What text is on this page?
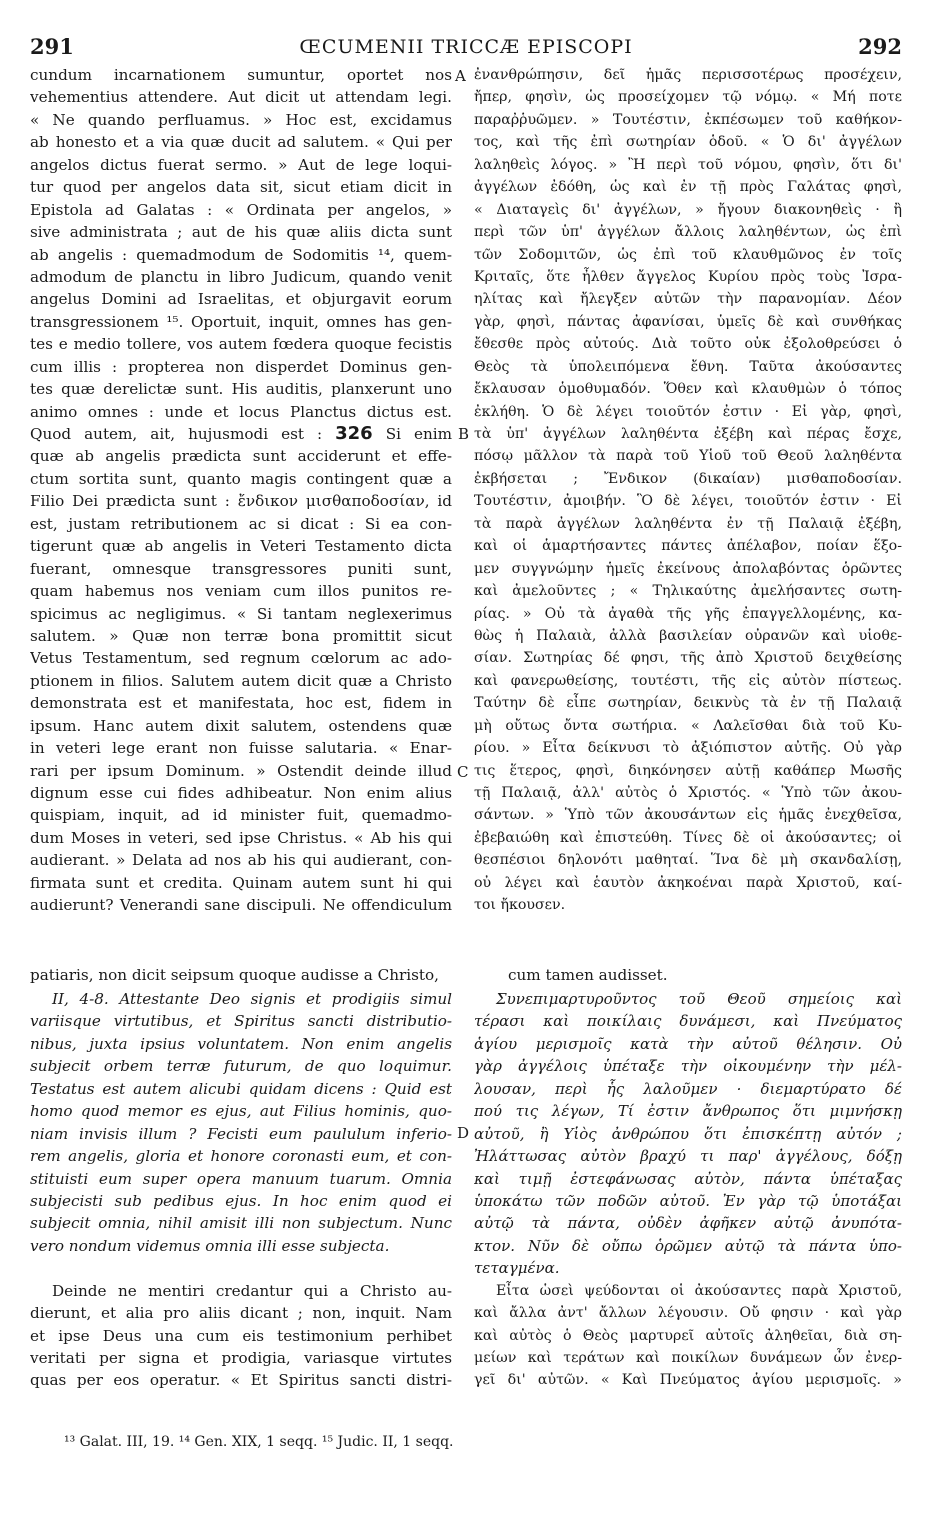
291	ŒCUMENII TRICCÆ EPISCOPI	292
cundum incarnationem sumuntur, oportet nos
vehementius attendere. Aut dicit ut attendam legi.
« Ne quando perfluamus. » Hoc est, excidamus
ab honesto et a via quæ ducit ad salutem. « Qui per
angelos dictus fuerat sermo. » Aut de lege loqui-
tur quod per angelos data sit, sicut etiam dicit in
Epistola ad Galatas : « Ordinata per angelos, »
sive administrata ; aut de his quæ aliis dicta sunt
ab angelis : quemadmodum de Sodomitis ¹⁴, quem-
admodum de planctu in libro Judicum, quando venit
angelus Domini ad Israelitas, et objurgavit eorum
transgressionem ¹⁵. Oportuit, inquit, omnes has gen-
tes e medio tollere, vos autem fœdera quoque fecistis
cum illis : propterea non disperdet Dominus gen-
tes quæ derelictæ sunt. His auditis, planxerunt uno
animo omnes : unde et locus Planctus dictus est.
Quod autem, ait, hujusmodi est : 326 Si enim
quæ ab angelis prædicta sunt acciderunt et effe-
ctum sortita sunt, quanto magis contingent quæ a
Filio Dei prædicta sunt : ἔνδικον μισθαποδοσίαν, id
est, justam retributionem ac si dicat : Si ea con-
tigerunt quæ ab angelis in Veteri Testamento dicta
fuerant, omnesque transgressores puniti sunt,
quam habemus nos veniam cum illos punitos re-
spicimus ac negligimus. « Si tantam neglexerimus
salutem. » Quæ non terræ bona promittit sicut
Vetus Testamentum, sed regnum cœlorum ac ado-
ptionem in filios. Salutem autem dicit quæ a Christo
demonstrata est et manifestata, hoc est, fidem in
ipsum. Hanc autem dixit salutem, ostendens quæ
in veteri lege erant non fuisse salutaria. « Enar-
rari per ipsum Dominum. » Ostendit deinde illud
dignum esse cui fides adhibeatur. Non enim alius
quispiam, inquit, ad id minister fuit, quemadmo-
dum Moses in veteri, sed ipse Christus. « Ab his qui
audierant. » Delata ad nos ab his qui audierant, con-
firmata sunt et credita. Quinam autem sunt hi qui
audierunt? Venerandi sane discipuli. Ne offendiculum
ἐνανθρώπησιν, δεῖ ἡμᾶς περισσοτέρως προσέχειν,
ἤπερ, φησὶν, ὡς προσείχομεν τῷ νόμῳ. « Μή ποτε
παραῤῥυῶμεν. » Τουτέστιν, ἐκπέσωμεν τοῦ καθήκον-
τος, καὶ τῆς ἐπὶ σωτηρίαν ὁδοῦ. « Ὁ δι' ἀγγέλων
λαληθεὶς λόγος. » Ἢ περὶ τοῦ νόμου, φησὶν, ὅτι δι'
ἀγγέλων ἐδόθη, ὡς καὶ ἐν τῇ πρὸς Γαλάτας φησὶ,
« Διαταγεὶς δι' ἀγγέλων, » ἤγουν διακονηθεὶς · ἢ
περὶ τῶν ὑπ' ἀγγέλων ἄλλοις λαληθέντων, ὡς ἐπὶ
τῶν Σοδομιτῶν, ὡς ἐπὶ τοῦ κλαυθμῶνος ἐν τοῖς
Κριταῖς, ὅτε ἦλθεν ἄγγελος Κυρίου πρὸς τοὺς Ἰσρα-
ηλίτας καὶ ἤλεγξεν αὐτῶν τὴν παρανομίαν. Δέον
γὰρ, φησὶ, πάντας ἀφανίσαι, ὑμεῖς δὲ καὶ συνθήκας
ἔθεσθε πρὸς αὐτούς. Διὰ τοῦτο οὐκ ἐξολοθρεύσει ὁ
Θεὸς τὰ ὑπολειπόμενα ἔθνη. Ταῦτα ἀκούσαντες
ἔκλαυσαν ὁμοθυμαδόν. Ὅθεν καὶ κλαυθμὼν ὁ τόπος
ἐκλήθη. Ὁ δὲ λέγει τοιοῦτόν ἐστιν · Εἰ γὰρ, φησὶ,
τὰ ὑπ' ἀγγέλων λαληθέντα ἐξέβη καὶ πέρας ἔσχε,
πόσῳ μᾶλλον τὰ παρὰ τοῦ Υἱοῦ τοῦ Θεοῦ λαληθέντα
ἐκβήσεται ; Ἔνδικον (δικαίαν) μισθαποδοσίαν.
Τουτέστιν, ἀμοιβήν. Ὃ δὲ λέγει, τοιοῦτόν ἐστιν · Εἰ
τὰ παρὰ ἀγγέλων λαληθέντα ἐν τῇ Παλαιᾷ ἐξέβη,
καὶ οἱ ἁμαρτήσαντες πάντες ἀπέλαβον, ποίαν ἕξο-
μεν συγγνώμην ἡμεῖς ἐκείνους ἀπολαβόντας ὁρῶντες
καὶ ἀμελοῦντες ; « Τηλικαύτης ἀμελήσαντες σωτη-
ρίας. » Οὐ τὰ ἀγαθὰ τῆς γῆς ἐπαγγελλομένης, κα-
θὼς ἡ Παλαιὰ, ἀλλὰ βασιλείαν οὐρανῶν καὶ υἱοθε-
σίαν. Σωτηρίας δέ φησι, τῆς ἀπὸ Χριστοῦ δειχθείσης
καὶ φανερωθείσης, τουτέστι, τῆς εἰς αὐτὸν πίστεως.
Ταύτην δὲ εἶπε σωτηρίαν, δεικνὺς τὰ ἐν τῇ Παλαιᾷ
μὴ οὔτως ὄντα σωτήρια. « Λαλεῖσθαι διὰ τοῦ Κυ-
ρίου. » Εἶτα δείκνυσι τὸ ἀξιόπιστον αὐτῆς. Οὐ γὰρ
τις ἕτερος, φησὶ, διηκόνησεν αὐτῇ καθάπερ Μωσῆς
τῇ Παλαιᾷ, ἀλλ' αὐτὸς ὁ Χριστός. « Ὑπὸ τῶν ἀκου-
σάντων. » Ὑπὸ τῶν ἀκουσάντων εἰς ἡμᾶς ἐνεχθεῖσα,
ἐβεβαιώθη καὶ ἐπιστεύθη. Τίνες δὲ οἱ ἀκούσαντες; οἱ
θεσπέσιοι δηλονότι μαθηταί. Ἵνα δὲ μὴ σκανδαλίσῃ,
οὐ λέγει καὶ ἑαυτὸν ἀκηκοέναι παρὰ Χριστοῦ, καί-
τοι ἤκουσεν.
patiaris, non dicit seipsum quoque audisse a Christo,	cum tamen audisset.
II, 4-8. Attestante Deo signis et prodigiis simul
variisque virtutibus, et Spiritus sancti distributio-
nibus, juxta ipsius voluntatem. Non enim angelis
subjecit orbem terræ futurum, de quo loquimur.
Testatus est autem alicubi quidam dicens : Quid est
homo quod memor es ejus, aut Filius hominis, quo-
niam invisis illum ? Fecisti eum paululum inferio-
rem angelis, gloria et honore coronasti eum, et con-
stituisti eum super opera manuum tuarum. Omnia
subjecisti sub pedibus ejus. In hoc enim quod ei
subjecit omnia, nihil amisit illi non subjectum. Nunc
vero nondum videmus omnia illi esse subjecta.
Deinde ne mentiri credantur qui a Christo au-
dierunt, et alia pro aliis dicant ; non, inquit. Nam
et ipse Deus una cum eis testimonium perhibet
veritati per signa et prodigia, variasque virtutes
quas per eos operatur. « Et Spiritus sancti distri-
Συνεπιμαρτυροῦντος τοῦ Θεοῦ σημείοις καὶ
τέρασι καὶ ποικίλαις δυνάμεσι, καὶ Πνεύματος
ἁγίου μερισμοῖς κατὰ τὴν αὐτοῦ θέλησιν. Οὐ
γὰρ ἀγγέλοις ὑπέταξε τὴν οἰκουμένην τὴν μέλ-
λουσαν, περὶ ἧς λαλοῦμεν · διεμαρτύρατο δέ
πού τις λέγων, Τί ἐστιν ἄνθρωπος ὅτι μιμνήσκῃ
αὐτοῦ, ἢ Υἱὸς ἀνθρώπου ὅτι ἐπισκέπτῃ αὐτόν ;
Ἠλάττωσας αὐτὸν βραχύ τι παρ' ἀγγέλους, δόξῃ
καὶ τιμῇ ἐστεφάνωσας αὐτὸν, πάντα ὑπέταξας
ὑποκάτω τῶν ποδῶν αὐτοῦ. Ἐν γὰρ τῷ ὑποτάξαι
αὐτῷ τὰ πάντα, οὐδὲν ἀφῆκεν αὐτῷ ἀνυπότα-
κτον. Νῦν δὲ οὔπω ὁρῶμεν αὐτῷ τὰ πάντα ὑπο-
τεταγμένα.
Εἶτα ὡσεὶ ψεύδονται οἱ ἀκούσαντες παρὰ Χριστοῦ,
καὶ ἄλλα ἀντ' ἄλλων λέγουσιν. Οὔ φησιν · καὶ γὰρ
καὶ αὐτὸς ὁ Θεὸς μαρτυρεῖ αὐτοῖς ἀληθεῖαι, διὰ ση-
μείων καὶ τεράτων καὶ ποικίλων δυνάμεων ὧν ἐνερ-
γεῖ δι' αὐτῶν. « Καὶ Πνεύματος ἁγίου μερισμοῖς. »
A
B
C
D
¹³ Galat. III, 19. ¹⁴ Gen. XIX, 1 seqq. ¹⁵ Judic. II, 1 seqq.
